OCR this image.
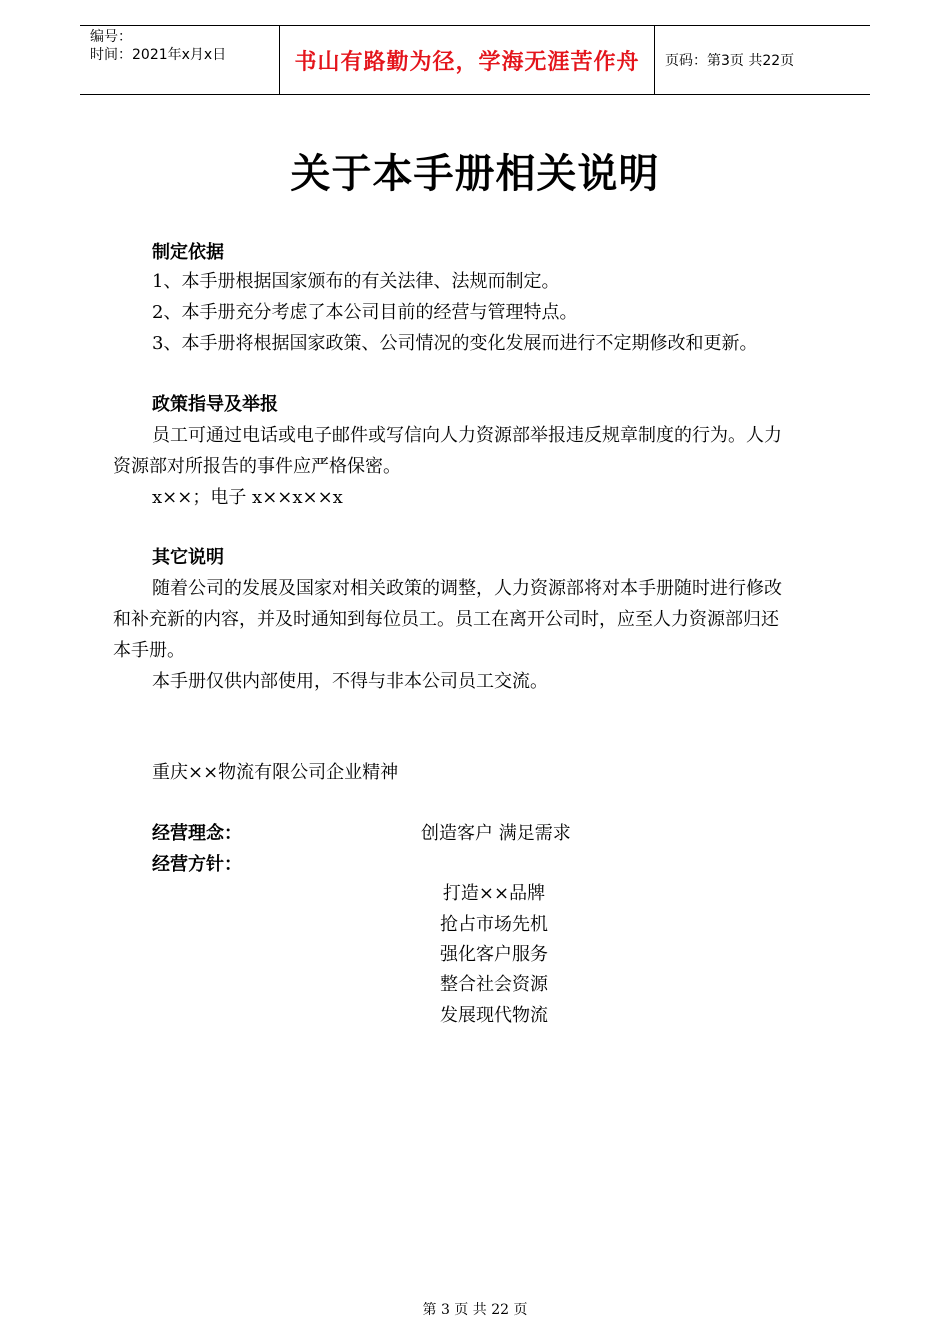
编号：
时间：2021年x月x日	书山有路勤为径，学海无涯苦作舟	页码：第3页 共22页
关于本手册相关说明
制定依据
1、本手册根据国家颁布的有关法律、法规而制定。
2、本手册充分考虑了本公司目前的经营与管理特点。
3、本手册将根据国家政策、公司情况的变化发展而进行不定期修改和更新。
政策指导及举报
员工可通过电话或电子邮件或写信向人力资源部举报违反规章制度的行为。人力
资源部对所报告的事件应严格保密。
x××；电子 x××x××x
其它说明
随着公司的发展及国家对相关政策的调整，人力资源部将对本手册随时进行修改
和补充新的内容，并及时通知到每位员工。员工在离开公司时，应至人力资源部归还
本手册。
本手册仅供内部使用，不得与非本公司员工交流。
重庆××物流有限公司企业精神
经营理念：	创造客户 满足需求
经营方针：
打造××品牌
抢占市场先机
强化客户服务
整合社会资源
发展现代物流
第 3 页 共 22 页
